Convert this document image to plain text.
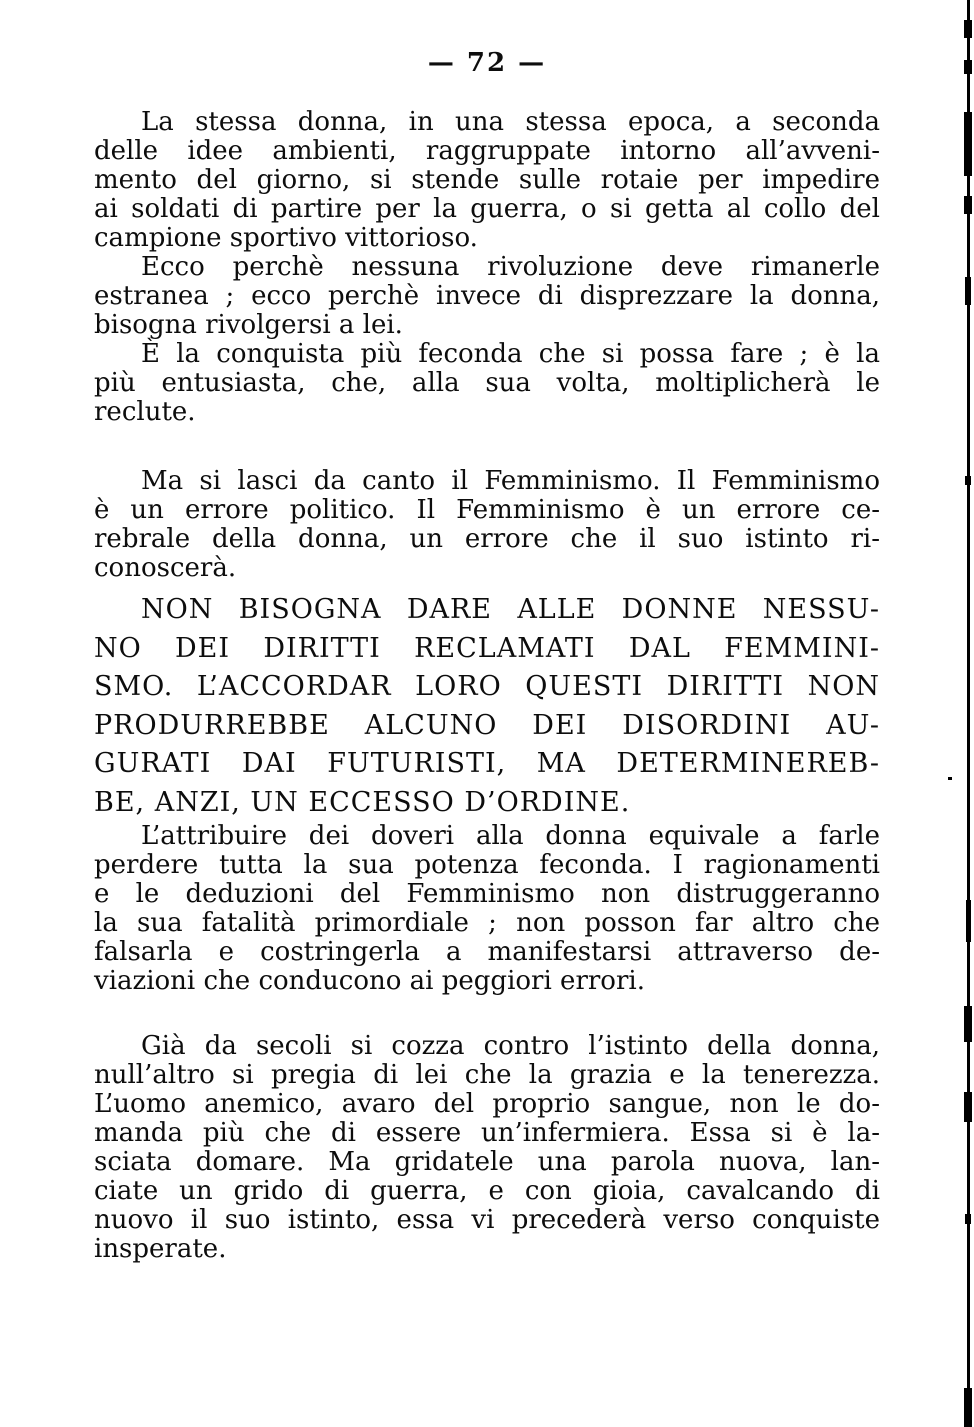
— 72 —
La stessa donna, in una stessa epoca, a seconda
delle idee ambienti, raggruppate intorno all’avveni-
mento del giorno, si stende sulle rotaie per impedire
ai soldati di partire per la guerra, o si getta al collo del
campione sportivo vittorioso.
Ecco perchè nessuna rivoluzione deve rimanerle
estranea ; ecco perchè invece di disprezzare la donna,
bisogna rivolgersi a lei.
È la conquista più feconda che si possa fare ; è la
più entusiasta, che, alla sua volta, moltiplicherà le
reclute.
Ma si lasci da canto il Femminismo. Il Femminismo
è un errore politico. Il Femminismo è un errore ce-
rebrale della donna, un errore che il suo istinto ri-
conoscerà.
NON BISOGNA DARE ALLE DONNE NESSU-
NO DEI DIRITTI RECLAMATI DAL FEMMINI-
SMO. L’ACCORDAR LORO QUESTI DIRITTI NON
PRODURREBBE ALCUNO DEI DISORDINI AU-
GURATI DAI FUTURISTI, MA DETERMINEREB-
BE, ANZI, UN ECCESSO D’ORDINE.
L’attribuire dei doveri alla donna equivale a farle
perdere tutta la sua potenza feconda. I ragionamenti
e le deduzioni del Femminismo non distruggeranno
la sua fatalità primordiale ; non posson far altro che
falsarla e costringerla a manifestarsi attraverso de-
viazioni che conducono ai peggiori errori.
Già da secoli si cozza contro l’istinto della donna,
null’altro si pregia di lei che la grazia e la tenerezza.
L’uomo anemico, avaro del proprio sangue, non le do-
manda più che di essere un’infermiera. Essa si è la-
sciata domare. Ma gridatele una parola nuova, lan-
ciate un grido di guerra, e con gioia, cavalcando di
nuovo il suo istinto, essa vi precederà verso conquiste
insperate.
